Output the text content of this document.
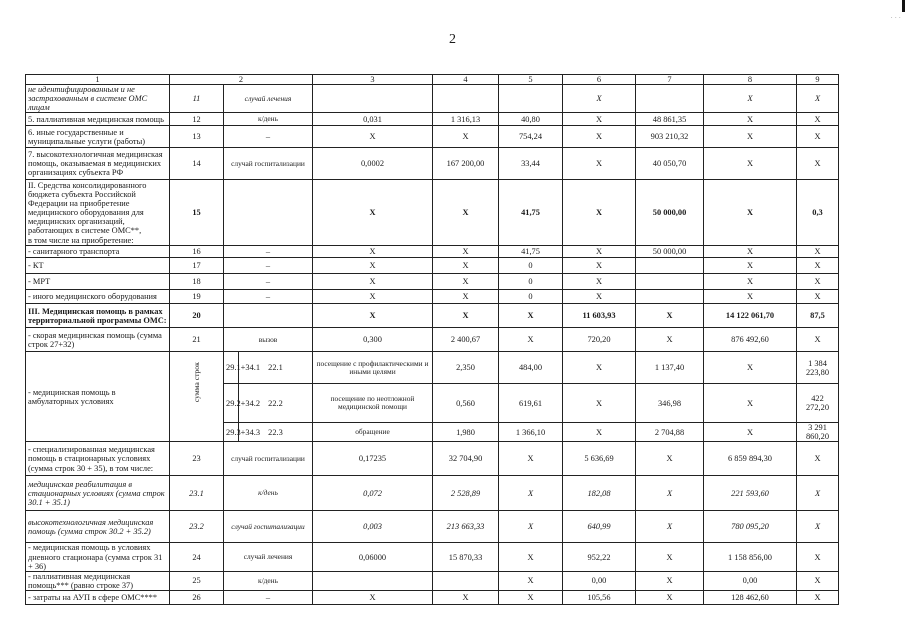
· · ·
2
1	2			3	4	5	6	7	8	9
не идентифицированным и не застрахованным в системе ОМС лицам	11	случай лечения					Х		Х	Х
5. паллиативная медицинская помощь	12	к/день		0,031	1 316,13	40,80	Х	48 861,35	Х	Х
6. иные государственные и муниципальные услуги (работы)	13	–		Х	Х	754,24	Х	903 210,32	Х	Х
7. высокотехнологичная медицинская помощь, оказываемая в медицинских организациях субъекта РФ	14	случай госпитализации		0,0002	167 200,00	33,44	Х	40 050,70	Х	Х

II. Средства консолидированного бюджета субъекта Российской Федерации на приобретение медицинского оборудования для медицинских организаций, работающих в системе ОМС**,
в том числе на приобретение:	15			Х	Х	41,75	Х	50 000,00	Х	0,3
- санитарного транспорта	16	–		Х	Х	41,75	Х	50 000,00	Х	Х
- КТ	17	–		Х	Х	0	Х		Х	Х
- МРТ	18	–		Х	Х	0	Х		Х	Х
- иного медицинского оборудования	19	–		Х	Х	0	Х		Х	Х
III. Медицинская помощь в рамках территориальной программы ОМС:	20			Х	Х	Х	11 603,93	Х	14 122 061,70	87,5
- скорая медицинская помощь (сумма строк 27+32)	21	вызов		0,300	2 400,67	Х	720,20	Х	876 492,60	Х
- медицинская помощь в амбулаторных условиях	сумма строк	29.1+34.1	22.1	посещение с профилактическими и иными целями	2,350	484,00	Х	1 137,40	Х	1 384 223,80
		29.2+34.2	22.2	посещение по неотложной медицинской помощи	0,560	619,61	Х	346,98	Х	422 272,20
		29.3+34.3	22.3	обращение	1,980	1 366,10	Х	2 704,88	Х	3 291 860,20
- специализированная медицинская помощь в стационарных условиях (сумма строк 30 + 35), в том числе:	23	случай госпитализации		0,17235	32 704,90	Х	5 636,69	Х	6 859 894,30	Х
медицинская реабилитация в стационарных условиях (сумма строк 30.1 + 35.1)	23.1	к/день		0,072	2 528,89	Х	182,08	Х	221 593,60	Х
высокотехнологичная медицинская помощь (сумма строк 30.2 + 35.2)	23.2	случай госпитализации		0,003	213 663,33	Х	640,99	Х	780 095,20	Х
- медицинская помощь в условиях дневного стационара (сумма строк 31 + 36)	24	случай лечения		0,06000	15 870,33	Х	952,22	Х	1 158 856,00	Х
- паллиативная медицинская помощь*** (равно строке 37)	25	к/день				Х	0,00	Х	0,00	Х
- затраты на АУП в сфере ОМС****	26	–		Х	Х	Х	105,56	Х	128 462,60	Х
